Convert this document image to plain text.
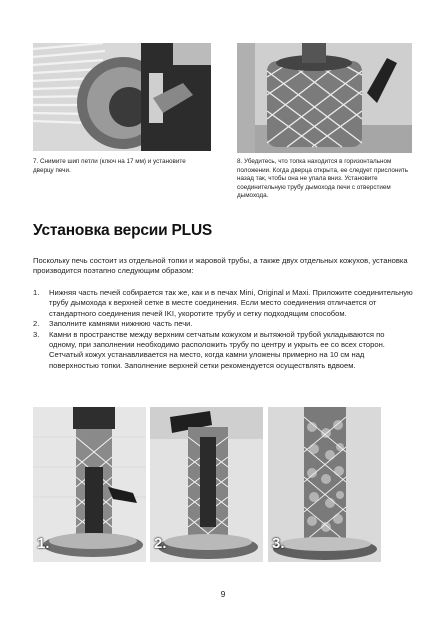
7. Снимите шип петли (ключ на 17 мм) и установите дверцу печи.
8. Убедитесь, что топка находится в горизонтальном положении. Когда дверца открыта, ее следует прислонить назад так, чтобы она не упала вниз. Установите соединительную трубу дымохода печи с отверстием дымохода.
Установка версии PLUS

Поскольку печь состоит из отдельной топки и жаровой трубы, а также двух отдельных кожухов, установка производится поэтапно следующим образом:

1. Нижняя часть печей собирается так же, как и в печах Mini, Original и Maxi. Приложите соединительную трубу дымохода к верхней сетке в месте соединения. Если место соединения отличается от стандартного соединения печей IKI, укоротите трубу и сетку подходящим способом.
2. Заполните камнями нижнюю часть печи.
3. Камни в пространстве между верхним сетчатым кожухом и вытяжной трубой укладываются по одному, при заполнении необходимо расположить трубу по центру и укрыть ее со всех сторон. Сетчатый кожух устанавливается на место, когда камни уложены примерно на 10 см над поверхностью топки. Заполнение верхней сетки рекомендуется осуществлять вдвоем.
1.	2.	3.
9
